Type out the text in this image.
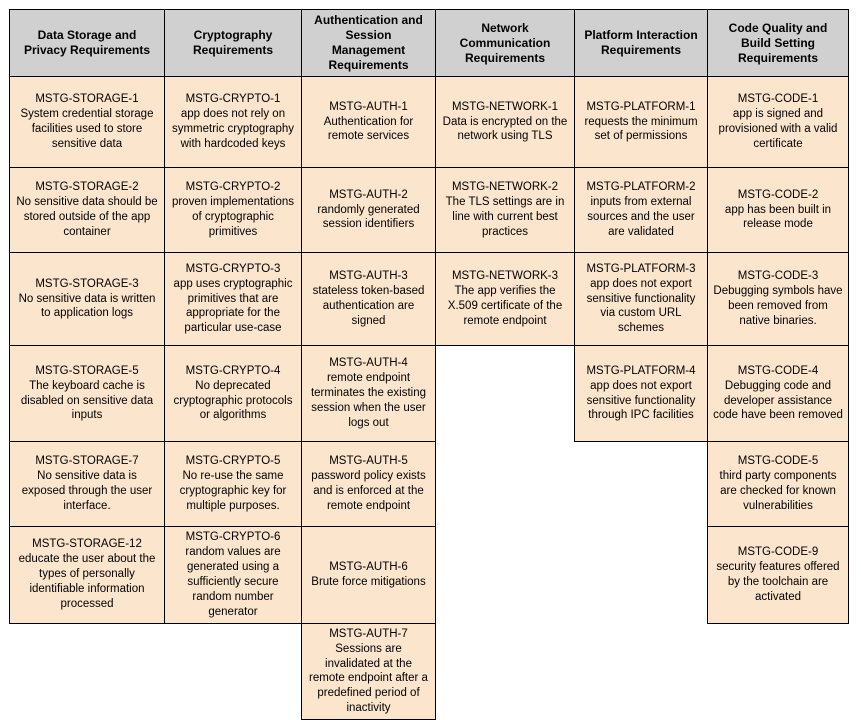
Data Storage and Privacy Requirements	Cryptography Requirements	Authentication and Session Management Requirements	Network Communication Requirements	Platform Interaction Requirements	Code Quality and Build Setting Requirements

MSTG-STORAGE-1
System credential storage facilities used to store sensitive data	MSTG-CRYPTO-1
app does not rely on symmetric cryptography with hardcoded keys	MSTG-AUTH-1
Authentication for remote services	MSTG-NETWORK-1
Data is encrypted on the network using TLS	MSTG-PLATFORM-1
requests the minimum set of permissions	MSTG-CODE-1
app is signed and provisioned with a valid certificate

MSTG-STORAGE-2
No sensitive data should be stored outside of the app container	MSTG-CRYPTO-2
proven implementations of cryptographic primitives	MSTG-AUTH-2
randomly generated session identifiers	MSTG-NETWORK-2
The TLS settings are in line with current best practices	MSTG-PLATFORM-2
inputs from external sources and the user are validated	MSTG-CODE-2
app has been built in release mode

MSTG-STORAGE-3
No sensitive data is written to application logs	MSTG-CRYPTO-3
app uses cryptographic primitives that are appropriate for the particular use-case	MSTG-AUTH-3
stateless token-based authentication are signed	MSTG-NETWORK-3
The app verifies the X.509 certificate of the remote endpoint	MSTG-PLATFORM-3
app does not export sensitive functionality via custom URL schemes	MSTG-CODE-3
Debugging symbols have been removed from native binaries.

MSTG-STORAGE-5
The keyboard cache is disabled on sensitive data inputs	MSTG-CRYPTO-4
No deprecated cryptographic protocols or algorithms	MSTG-AUTH-4
remote endpoint terminates the existing session when the user logs out		MSTG-PLATFORM-4
app does not export sensitive functionality through IPC facilities	MSTG-CODE-4
Debugging code and developer assistance code have been removed

MSTG-STORAGE-7
No sensitive data is exposed through the user interface.	MSTG-CRYPTO-5
No re-use the same cryptographic key for multiple purposes.	MSTG-AUTH-5
password policy exists and is enforced at the remote endpoint			MSTG-CODE-5
third party components are checked for known vulnerabilities

MSTG-STORAGE-12
educate the user about the types of personally identifiable information processed	MSTG-CRYPTO-6
random values are generated using a sufficiently secure random number generator	MSTG-AUTH-6
Brute force mitigations			MSTG-CODE-9
security features offered by the toolchain are activated

		MSTG-AUTH-7
Sessions are invalidated at the remote endpoint after a predefined period of inactivity			
